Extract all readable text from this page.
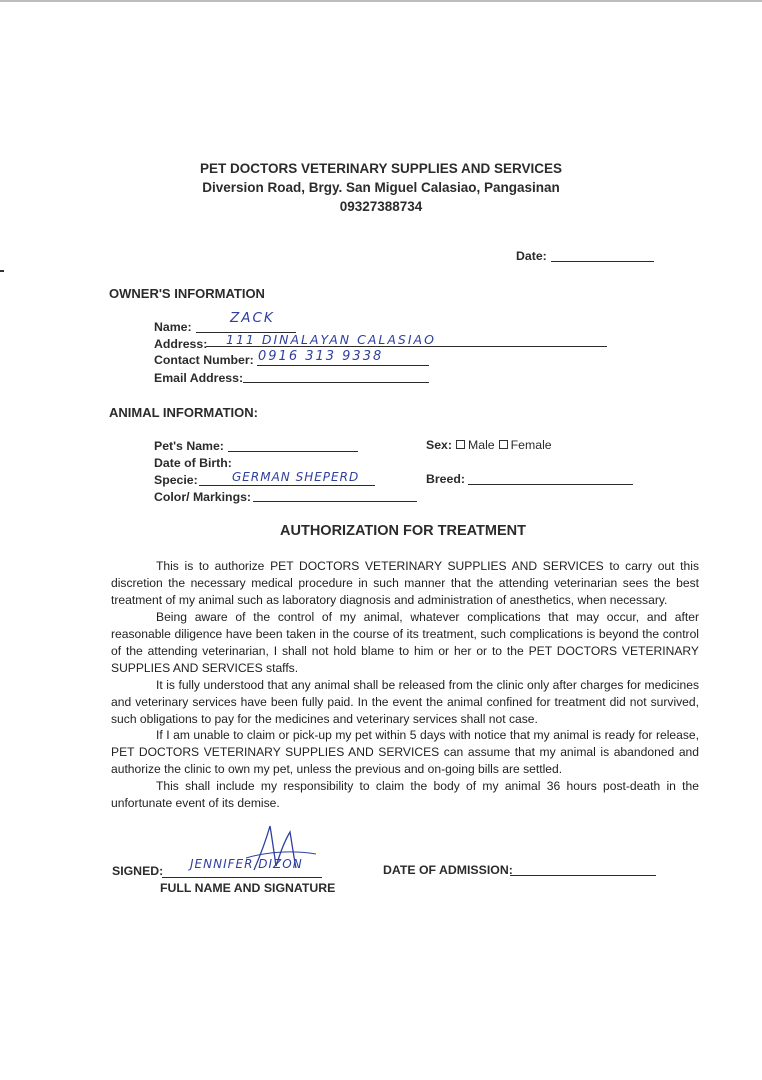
PET DOCTORS VETERINARY SUPPLIES AND SERVICES
Diversion Road, Brgy. San Miguel Calasiao, Pangasinan
09327388734
Date:
OWNER'S INFORMATION
Name:
ZACK
Address: 111 DINALAYAN CALASIAO
Contact Number: 0916 313 9338
Email Address:
ANIMAL INFORMATION:
Pet's Name:
Date of Birth:
Specie:	GERMAN SHEPERD
Color/ Markings:
Sex: Male Female
Breed:
AUTHORIZATION FOR TREATMENT

This is to authorize PET DOCTORS VETERINARY SUPPLIES AND SERVICES to carry out this discretion the necessary medical procedure in such manner that the attending veterinarian sees the best treatment of my animal such as laboratory diagnosis and administration of anesthetics, when necessary.

Being aware of the control of my animal, whatever complications that may occur, and after reasonable diligence have been taken in the course of its treatment, such complications is beyond the control of the attending veterinarian, I shall not hold blame to him or her or to the PET DOCTORS VETERINARY SUPPLIES AND SERVICES staffs.

It is fully understood that any animal shall be released from the clinic only after charges for medicines and veterinary services have been fully paid. In the event the animal confined for treatment did not survived, such obligations to pay for the medicines and veterinary services shall not case.

If I am unable to claim or pick-up my pet within 5 days with notice that my animal is ready for release, PET DOCTORS VETERINARY SUPPLIES AND SERVICES can assume that my animal is abandoned and authorize the clinic to own my pet, unless the previous and on-going bills are settled.

This shall include my responsibility to claim the body of my animal 36 hours post-death in the unfortunate event of its demise.

SIGNED: JENNIFER DIZON
FULL NAME AND SIGNATURE
DATE OF ADMISSION:
